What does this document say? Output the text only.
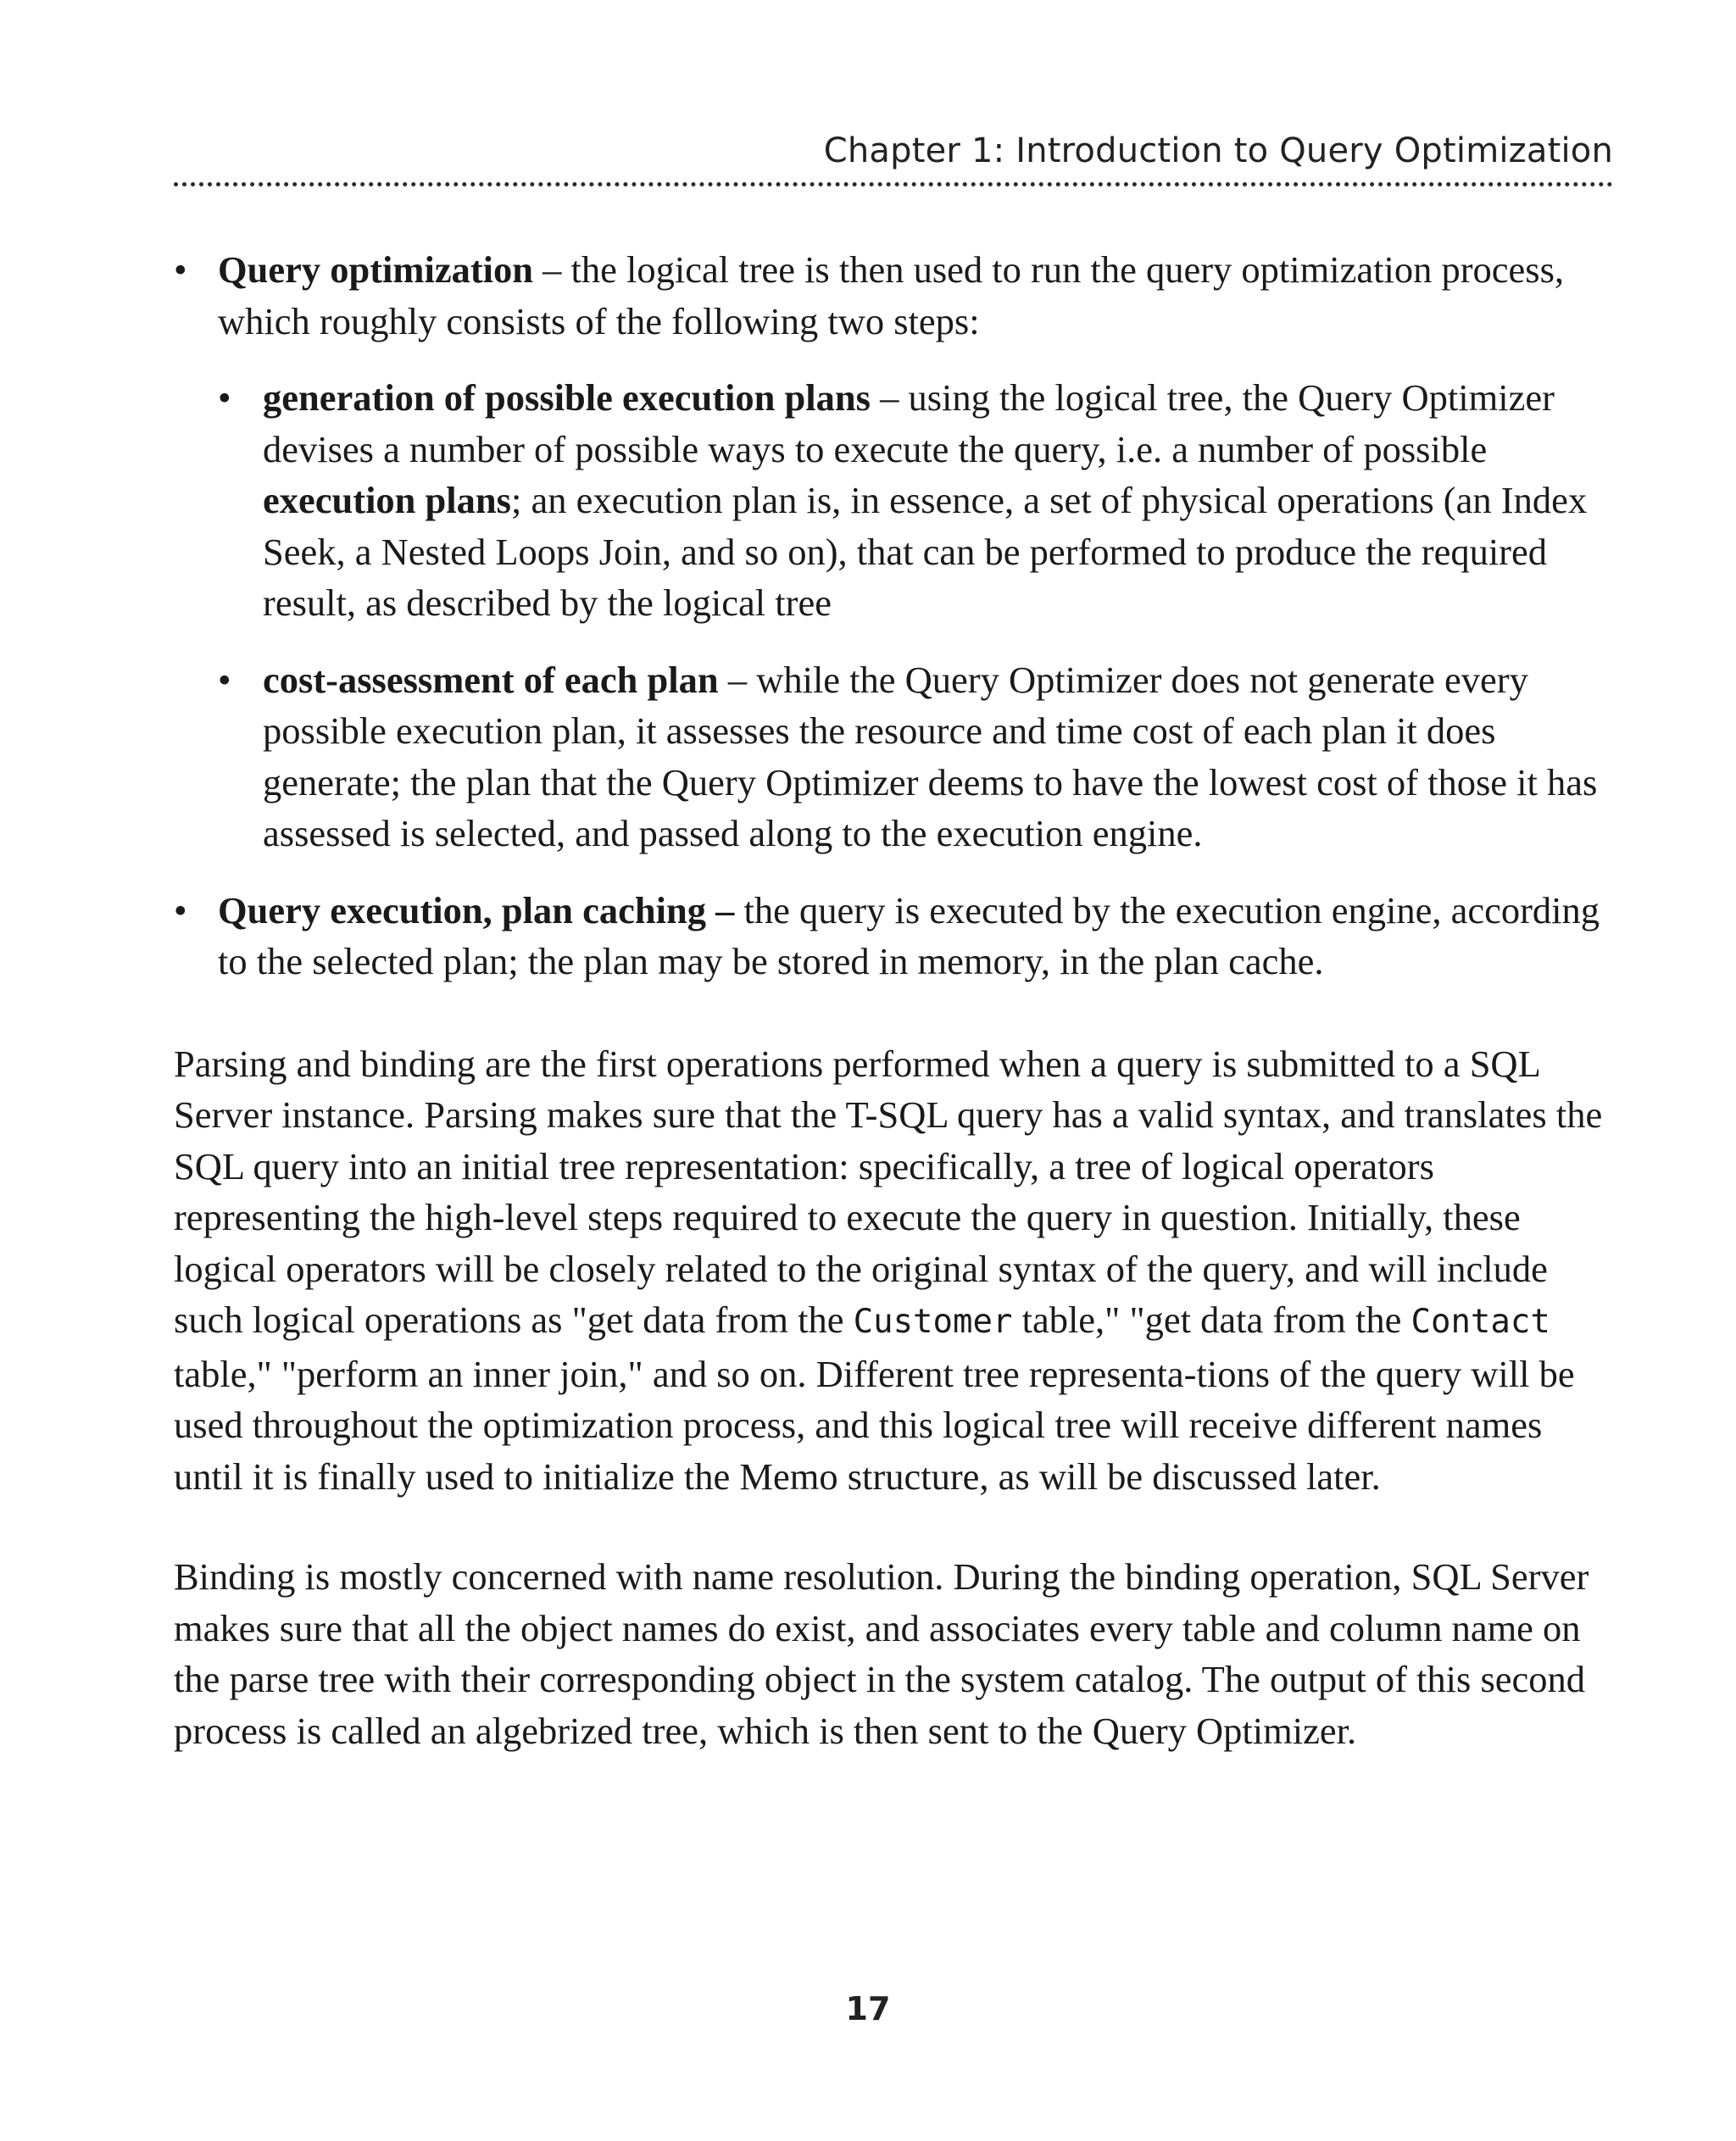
Chapter 1: Introduction to Query Optimization
• Query optimization – the logical tree is then used to run the query optimization process, which roughly consists of the following two steps:
• generation of possible execution plans – using the logical tree, the Query Optimizer devises a number of possible ways to execute the query, i.e. a number of possible execution plans; an execution plan is, in essence, a set of physical operations (an Index Seek, a Nested Loops Join, and so on), that can be performed to produce the required result, as described by the logical tree
• cost-assessment of each plan – while the Query Optimizer does not generate every possible execution plan, it assesses the resource and time cost of each plan it does generate; the plan that the Query Optimizer deems to have the lowest cost of those it has assessed is selected, and passed along to the execution engine.
• Query execution, plan caching – the query is executed by the execution engine, according to the selected plan; the plan may be stored in memory, in the plan cache.

Parsing and binding are the first operations performed when a query is submitted to a SQL Server instance. Parsing makes sure that the T-SQL query has a valid syntax, and translates the SQL query into an initial tree representation: specifically, a tree of logical operators representing the high-level steps required to execute the query in question. Initially, these logical operators will be closely related to the original syntax of the query, and will include such logical operations as "get data from the Customer table," "get data from the Contact table," "perform an inner join," and so on. Different tree representa-tions of the query will be used throughout the optimization process, and this logical tree will receive different names until it is finally used to initialize the Memo structure, as will be discussed later.

Binding is mostly concerned with name resolution. During the binding operation, SQL Server makes sure that all the object names do exist, and associates every table and column name on the parse tree with their corresponding object in the system catalog. The output of this second process is called an algebrized tree, which is then sent to the Query Optimizer.

17
